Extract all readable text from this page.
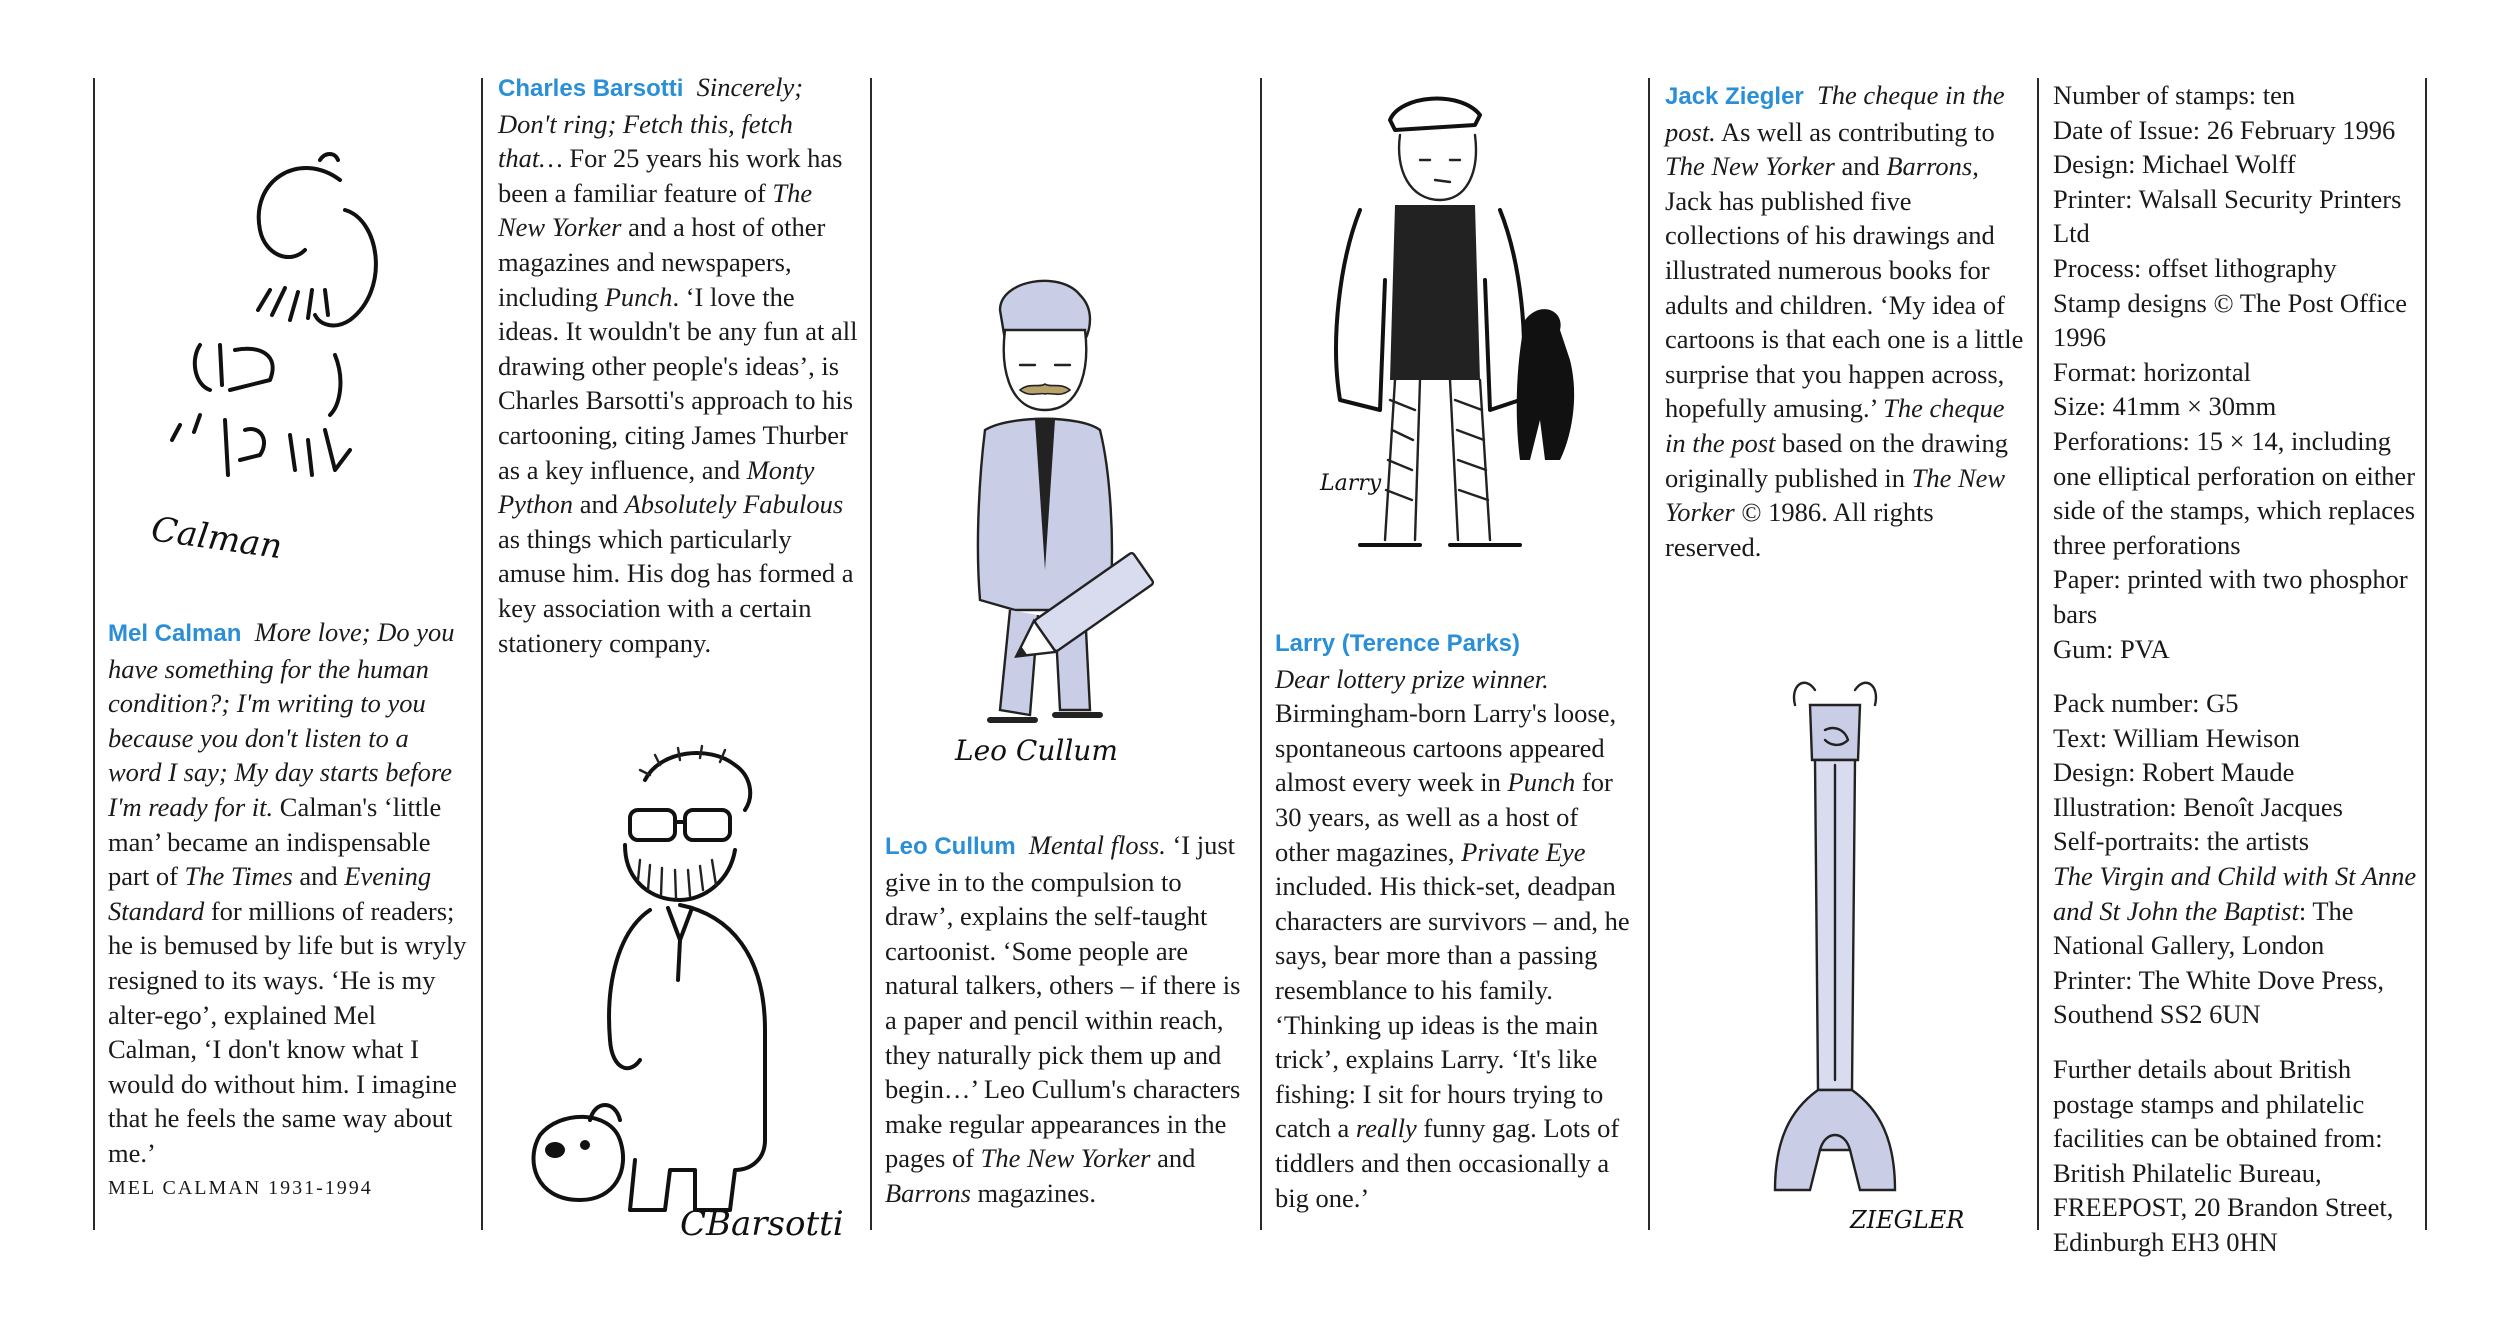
Calman

Mel Calman More love; Do you have something for the human condition?; I'm writing to you because you don't listen to a word I say; My day starts before I'm ready for it. Calman's ‘little man’ became an indispensable part of The Times and Evening Standard for millions of readers; he is bemused by life but is wryly resigned to its ways. ‘He is my alter-ego’, explained Mel Calman, ‘I don't know what I would do without him. I imagine that he feels the same way about me.’

MEL CALMAN 1931-1994

Charles Barsotti Sincerely; Don't ring; Fetch this, fetch that… For 25 years his work has been a familiar feature of The New Yorker and a host of other magazines and newspapers, including Punch. ‘I love the ideas. It wouldn't be any fun at all drawing other people's ideas’, is Charles Barsotti's approach to his cartooning, citing James Thurber as a key influence, and Monty Python and Absolutely Fabulous as things which particularly amuse him. His dog has formed a key association with a certain stationery company.

CBarsotti
Leo Cullum

Leo Cullum Mental floss. ‘I just give in to the compulsion to draw’, explains the self-taught cartoonist. ‘Some people are natural talkers, others – if there is a paper and pencil within reach, they naturally pick them up and begin…’ Leo Cullum's characters make regular appearances in the pages of The New Yorker and Barrons magazines.

Larry

Larry (Terence Parks)
Dear lottery prize winner. Birmingham-born Larry's loose, spontaneous cartoons appeared almost every week in Punch for 30 years, as well as a host of other magazines, Private Eye included. His thick-set, deadpan characters are survivors – and, he says, bear more than a passing resemblance to his family. ‘Thinking up ideas is the main trick’, explains Larry. ‘It's like fishing: I sit for hours trying to catch a really funny gag. Lots of tiddlers and then occasionally a big one.’

Jack Ziegler The cheque in the post. As well as contributing to The New Yorker and Barrons, Jack has published five collections of his drawings and illustrated numerous books for adults and children. ‘My idea of cartoons is that each one is a little surprise that you happen across, hopefully amusing.’ The cheque in the post based on the drawing originally published in The New Yorker © 1986. All rights reserved.

ZIEGLER

Number of stamps: ten

Date of Issue: 26 February 1996

Design: Michael Wolff

Printer: Walsall Security Printers Ltd

Process: offset lithography

Stamp designs © The Post Office 1996

Format: horizontal

Size: 41mm × 30mm

Perforations: 15 × 14, including one elliptical perforation on either side of the stamps, which replaces three perforations

Paper: printed with two phosphor bars

Gum: PVA

Pack number: G5

Text: William Hewison

Design: Robert Maude

Illustration: Benoît Jacques

Self-portraits: the artists

The Virgin and Child with St Anne and St John the Baptist: The National Gallery, London

Printer: The White Dove Press, Southend SS2 6UN

Further details about British postage stamps and philatelic facilities can be obtained from: British Philatelic Bureau, FREEPOST, 20 Brandon Street, Edinburgh EH3 0HN
